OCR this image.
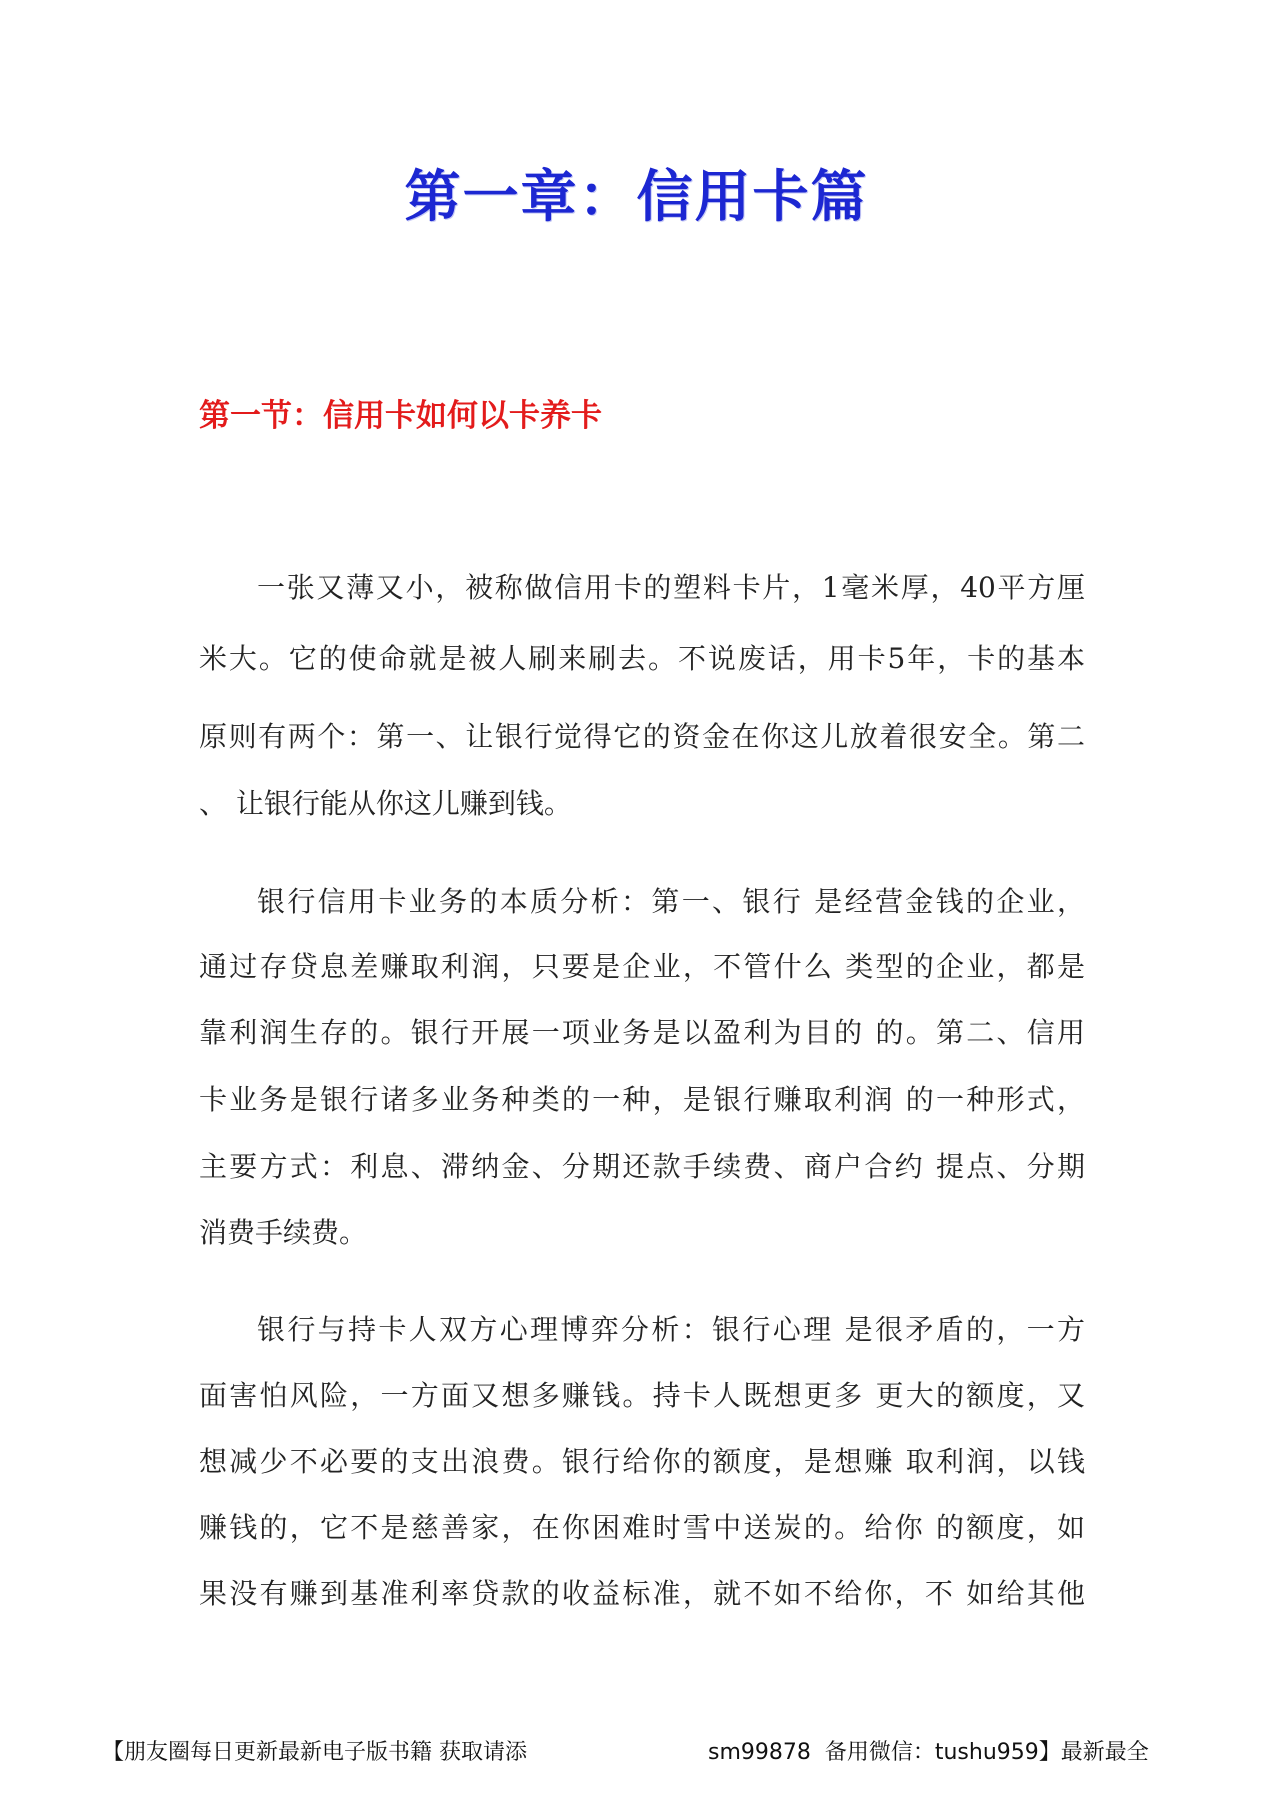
第一章：信用卡篇
第一节：信用卡如何以卡养卡
一张又薄又小，被称做信用卡的塑料卡片，1毫米厚，40平方厘
米大。它的使命就是被人刷来刷去。不说废话，用卡5年，卡的基本
原则有两个：第一、让银行觉得它的资金在你这儿放着很安全。第二
、 让银行能从你这儿赚到钱。
银行信用卡业务的本质分析：第一、银行 是经营金钱的企业，
通过存贷息差赚取利润，只要是企业，不管什么 类型的企业，都是
靠利润生存的。银行开展一项业务是以盈利为目的 的。第二、信用
卡业务是银行诸多业务种类的一种，是银行赚取利润 的一种形式，
主要方式：利息、滞纳金、分期还款手续费、商户合约 提点、分期
消费手续费。
银行与持卡人双方心理博弈分析：银行心理 是很矛盾的，一方
面害怕风险，一方面又想多赚钱。持卡人既想更多 更大的额度，又
想减少不必要的支出浪费。银行给你的额度，是想赚 取利润，以钱
赚钱的，它不是慈善家，在你困难时雪中送炭的。给你 的额度，如
果没有赚到基准利率贷款的收益标准，就不如不给你，不 如给其他
【朋友圈每日更新最新电子版书籍 获取请添	sm99878  备用微信：tushu959】最新最全
